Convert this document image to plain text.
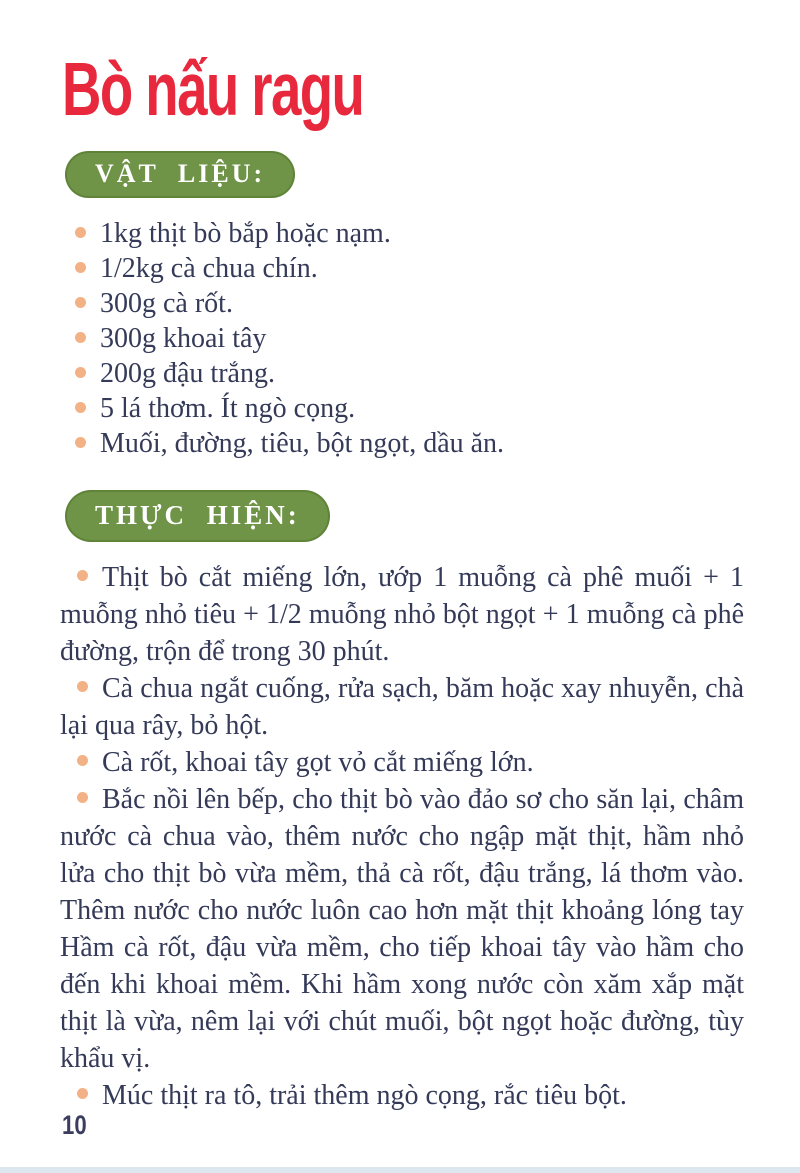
Bò nấu ragu
VẬT LIỆU:
1kg thịt bò bắp hoặc nạm.
1/2kg cà chua chín.
300g cà rốt.
300g khoai tây
200g đậu trắng.
5 lá thơm. Ít ngò cọng.
Muối, đường, tiêu, bột ngọt, dầu ăn.
THỰC HIỆN:

Thịt bò cắt miếng lớn, ướp 1 muỗng cà phê muối + 1 muỗng nhỏ tiêu + 1/2 muỗng nhỏ bột ngọt + 1 muỗng cà phê đường, trộn để trong 30 phút.

Cà chua ngắt cuống, rửa sạch, băm hoặc xay nhuyễn, chà lại qua rây, bỏ hột.

Cà rốt, khoai tây gọt vỏ cắt miếng lớn.

Bắc nồi lên bếp, cho thịt bò vào đảo sơ cho săn lại, châm nước cà chua vào, thêm nước cho ngập mặt thịt, hầm nhỏ lửa cho thịt bò vừa mềm, thả cà rốt, đậu trắng, lá thơm vào. Thêm nước cho nước luôn cao hơn mặt thịt khoảng lóng tay Hầm cà rốt, đậu vừa mềm, cho tiếp khoai tây vào hầm cho đến khi khoai mềm. Khi hầm xong nước còn xăm xắp mặt thịt là vừa, nêm lại với chút muối, bột ngọt hoặc đường, tùy khẩu vị.

Múc thịt ra tô, trải thêm ngò cọng, rắc tiêu bột.

10
